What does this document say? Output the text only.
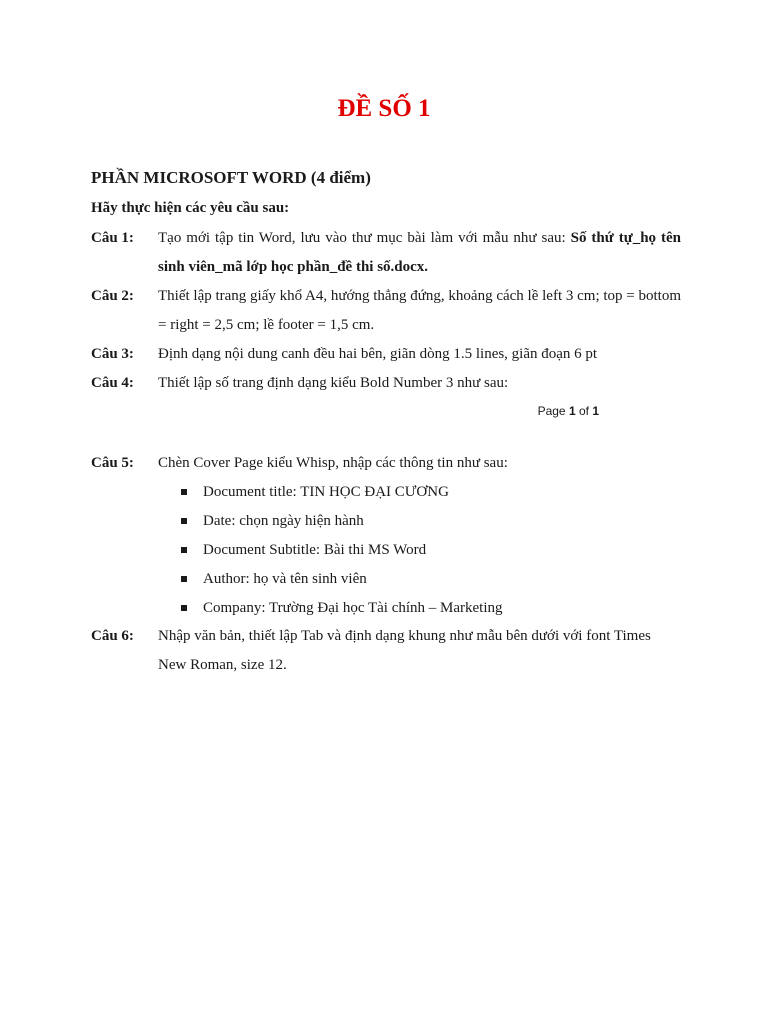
ĐỀ SỐ 1
PHẦN MICROSOFT WORD (4 điểm)
Hãy thực hiện các yêu cầu sau:
Câu 1: Tạo mới tập tin Word, lưu vào thư mục bài làm với mẫu như sau: Số thứ tự_họ tên sinh viên_mã lớp học phần_đề thi số.docx.
Câu 2: Thiết lập trang giấy khổ A4, hướng thẳng đứng, khoảng cách lề left 3 cm; top = bottom = right = 2,5 cm; lề footer = 1,5 cm.
Câu 3: Định dạng nội dung canh đều hai bên, giãn dòng 1.5 lines, giãn đoạn 6 pt
Câu 4: Thiết lập số trang định dạng kiểu Bold Number 3 như sau:
Page 1 of 1
Câu 5: Chèn Cover Page kiểu Whisp, nhập các thông tin như sau:
Document title: TIN HỌC ĐẠI CƯƠNG
Date: chọn ngày hiện hành
Document Subtitle: Bài thi MS Word
Author: họ và tên sinh viên
Company: Trường Đại học Tài chính – Marketing
Câu 6: Nhập văn bản, thiết lập Tab và định dạng khung như mẫu bên dưới với font Times New Roman, size 12.
